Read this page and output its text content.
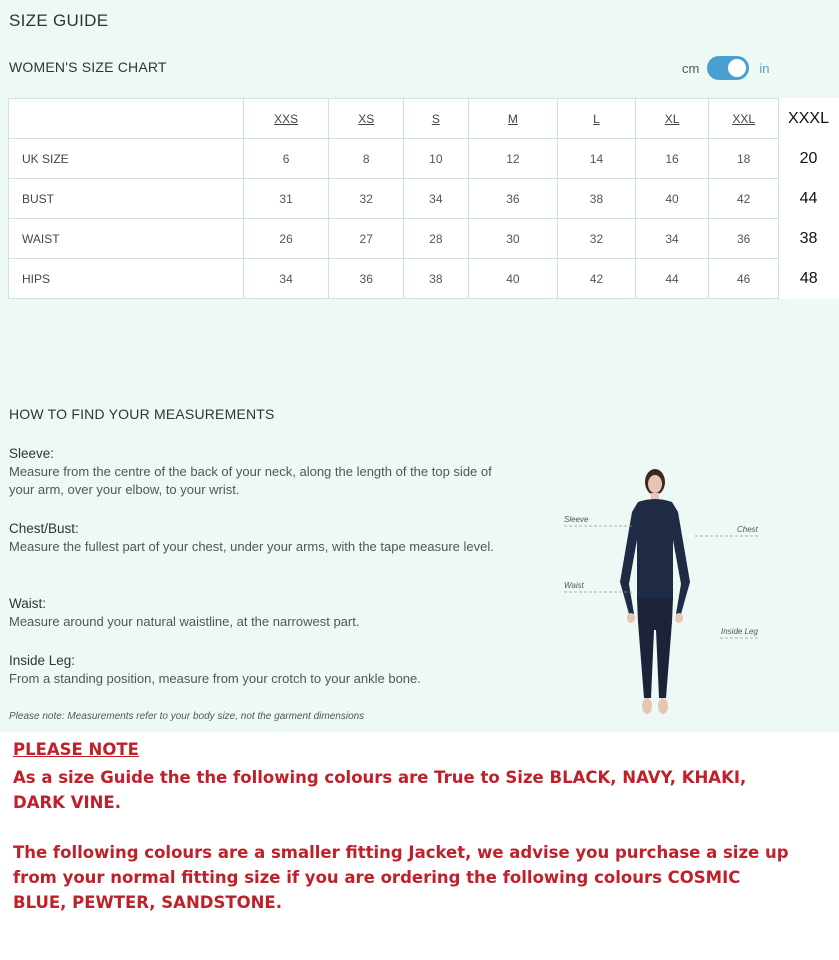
SIZE GUIDE
WOMEN'S SIZE CHART	cm	in
	XXS	XS	S	M	L	XL	XXL	XXXL
UK SIZE	6	8	10	12	14	16	18	20
BUST	31	32	34	36	38	40	42	44
WAIST	26	27	28	30	32	34	36	38
HIPS	34	36	38	40	42	44	46	48
HOW TO FIND YOUR MEASUREMENTS
Sleeve:
Measure from the centre of the back of your neck, along the length of the top side of your arm, over your elbow, to your wrist.
Chest/Bust:
Measure the fullest part of your chest, under your arms, with the tape measure level.
Waist:
Measure around your natural waistline, at the narrowest part.
Inside Leg:
From a standing position, measure from your crotch to your ankle bone.
Please note: Measurements refer to your body size, not the garment dimensions
Sleeve
Waist
Chest
Inside Leg
PLEASE NOTE
As a size Guide the the following colours are True to Size BLACK, NAVY, KHAKI, DARK VINE.
The following colours are a smaller fitting Jacket, we advise you purchase a size up from your normal fitting size if you are ordering the following colours COSMIC BLUE, PEWTER, SANDSTONE.
